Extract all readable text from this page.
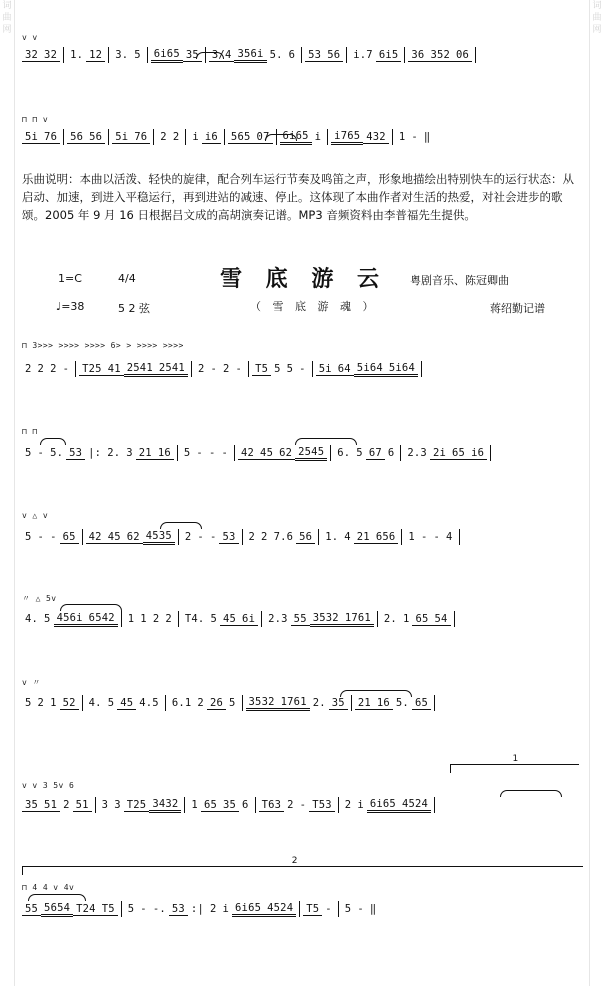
词曲网
词曲网
v v
32 32 1. 12 3. 5 6i65 35 3/4 356i 5. 6 53 56 i.7 6i5 36 352 06
⊓ ⊓ v
5i 76 56 56 5i 76 2 2 i i6 565 07 6i65 i i765 432 1 - ‖
乐曲说明：本曲以活泼、轻快的旋律，配合列车运行节奏及鸣笛之声，形象地描绘出特别快车的运行状态：从启动、加速，到进入平稳运行，再到进站的减速、停止。这体现了本曲作者对生活的热爱，对社会进步的歌颂。2005 年 9 月 16 日根据吕文成的高胡演奏记谱。MP3 音频资料由李普福先生提供。
1=C	4/4	雪 底 游 云 粤剧音乐、陈冠卿曲
♩=38	5 2 弦	（ 雪 底 游 魂 ）	蒋绍勤记谱
⊓ 3>>> >>>> >>>> 6> > >>>> >>>>
2 2 2 - T25 41 2541 2541 2 - 2 - T5 5 5 - 5i 64 5i64 5i64
⊓ ⊓
5 - 5. 53 |: 2. 3 21 16 5 - - - 42 45 62 2545 6. 5 67 6 2.3 2i 65 i6
v △ v
5 - - 65 42 45 62 4535 2 - - 53 2 2 7.6 56 1. 4 21 656 1 - - 4
〃 △ 5v
4. 5 456i 6542 1 1 2 2 T4. 5 45 6i 2.3 55 3532 1761 2. 1 65 54
v 〃
5 2 1 52 4. 5 45 4.5 6.1 2 26 5 3532 1761 2. 35 21 16 5. 65
1
v v 3 5v 6
35 51 2 51 3 3 T25 3432 1 65 35 6 T63 2 - T53 2 i 6i65 4524
2
⊓ 4 4 v 4v
55 5654 T24 T5 5 - -. 53 :| 2 i 6i65 4524 T5 - 5 - ‖
